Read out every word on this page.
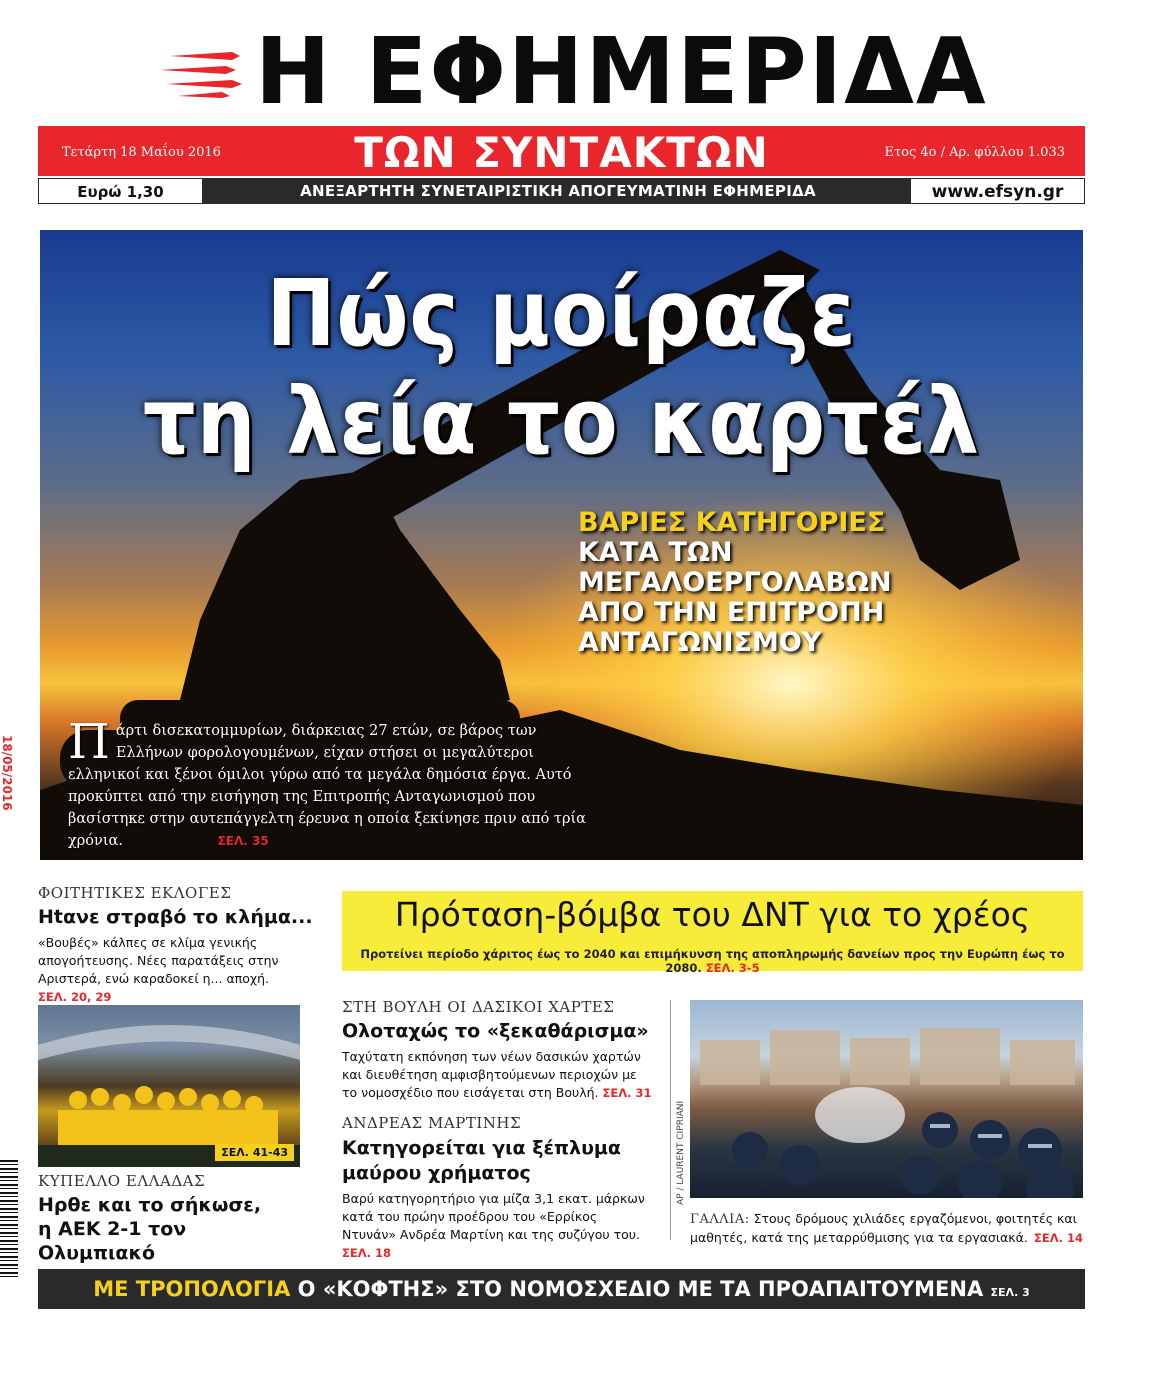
Η ΕΦΗΜΕΡΙΔΑ
ΤΩΝ ΣΥΝΤΑΚΤΩΝ
Τετάρτη 18 Μαΐου 2016	Ετος 4ο / Αρ. φύλλου 1.033
Ευρώ 1,30	ΑΝΕΞΑΡΤΗΤΗ ΣΥΝΕΤΑΙΡΙΣΤΙΚΗ ΑΠΟΓΕΥΜΑΤΙΝΗ ΕΦΗΜΕΡΙΔΑ	www.efsyn.gr
Πώς μοίραζε
τη λεία το καρτέλ
ΒΑΡΙΕΣ ΚΑΤΗΓΟΡΙΕΣ
ΚΑΤΑ ΤΩΝ
ΜΕΓΑΛΟΕΡΓΟΛΑΒΩΝ
ΑΠΟ ΤΗΝ ΕΠΙΤΡΟΠΗ
ΑΝΤΑΓΩΝΙΣΜΟΥ
Π άρτι δισεκατομμυρίων, διάρκειας 27 ετών, σε βάρος των Ελλήνων φορολογουμένων, είχαν στήσει οι μεγαλύτεροι ελληνικοί και ξένοι όμιλοι γύρω από τα μεγάλα δημόσια έργα. Αυτό προκύπτει από την εισήγηση της Επιτροπής Ανταγωνισμού που βασίστηκε στην αυτεπάγγελτη έρευνα η οποία ξεκίνησε πριν από τρία χρόνια.	ΣΕΛ. 35
ΦΟΙΤΗΤΙΚΕΣ ΕΚΛΟΓΕΣ
Ηtανε στραβό το κλήμα...
«Βουβές» κάλπες σε κλίμα γενικής απογοήτευσης. Νέες παρατάξεις στην Αριστερά, ενώ καραδοκεί η... αποχή. ΣΕΛ. 20, 29
ΣΕΛ. 41-43
ΚΥΠΕΛΛΟ ΕΛΛΑΔΑΣ
Ηρθε και το σήκωσε,
η ΑΕΚ 2-1 τον Ολυμπιακό
Πρόταση-βόμβα του ΔΝΤ για το χρέος
Προτείνει περίοδο χάριτος έως το 2040 και επιμήκυνση της αποπληρωμής δανείων προς την Ευρώπη έως το 2080. ΣΕΛ. 3-5
ΣΤΗ ΒΟΥΛΗ ΟΙ ΔΑΣΙΚΟΙ ΧΑΡΤΕΣ
Ολοταχώς το «ξεκαθάρισμα»
Ταχύτατη εκπόνηση των νέων δασικών χαρτών και διευθέτηση αμφισβητούμενων περιοχών με το νομοσχέδιο που εισάγεται στη Βουλή. ΣΕΛ. 31
ΑΝΔΡΕΑΣ ΜΑΡΤΙΝΗΣ
Κατηγορείται για ξέπλυμα
μαύρου χρήματος
Βαρύ κατηγορητήριο για μίζα 3,1 εκατ. μάρκων κατά του πρώην προέδρου του «Ερρίκος Ντυνάν» Ανδρέα Μαρτίνη και της συζύγου του. ΣΕΛ. 18
AP / LAURENT CIPRIANI
ΓΑΛΛΙΑ: Στους δρόμους χιλιάδες εργαζόμενοι, φοιτητές και μαθητές, κατά της μεταρρύθμισης για τα εργασιακά. ΣΕΛ. 14
ΜΕ ΤΡΟΠΟΛΟΓΙΑ Ο «ΚΟΦΤΗΣ» ΣΤΟ ΝΟΜΟΣΧΕΔΙΟ ΜΕ ΤΑ ΠΡΟΑΠΑΙΤΟΥΜΕΝΑ ΣΕΛ. 3
18/05/2016
